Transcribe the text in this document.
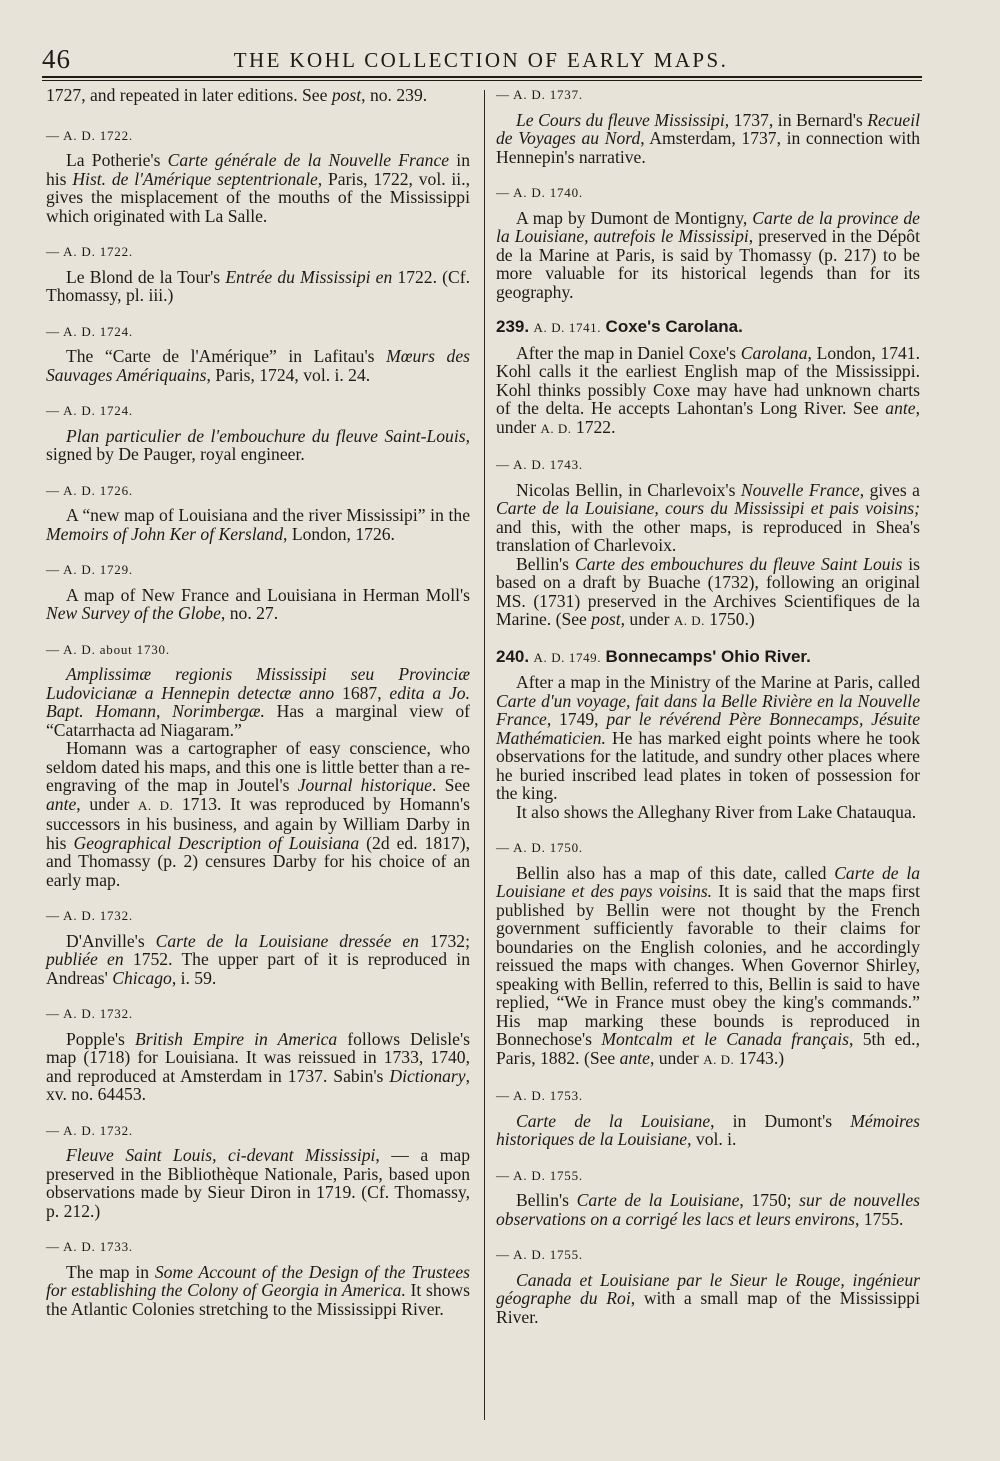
46	THE KOHL COLLECTION OF EARLY MAPS.

1727, and repeated in later editions. See post, no. 239.

— A. D. 1722.

La Potherie's Carte générale de la Nouvelle France in his Hist. de l'Amérique septentrionale, Paris, 1722, vol. ii., gives the misplacement of the mouths of the Mississippi which originated with La Salle.

— A. D. 1722.

Le Blond de la Tour's Entrée du Mississipi en 1722. (Cf. Thomassy, pl. iii.)

— A. D. 1724.

The “Carte de l'Amérique” in Lafitau's Mœurs des Sauvages Amériquains, Paris, 1724, vol. i. 24.

— A. D. 1724.

Plan particulier de l'embouchure du fleuve Saint-Louis, signed by De Pauger, royal engineer.

— A. D. 1726.

A “new map of Louisiana and the river Mississipi” in the Memoirs of John Ker of Kersland, London, 1726.

— A. D. 1729.

A map of New France and Louisiana in Herman Moll's New Survey of the Globe, no. 27.

— A. D. about 1730.

Amplissimæ regionis Mississipi seu Provinciæ Ludovicianæ a Hennepin detectæ anno 1687, edita a Jo. Bapt. Homann, Norimbergæ. Has a marginal view of “Catarrhacta ad Niagaram.”

Homann was a cartographer of easy conscience, who seldom dated his maps, and this one is little better than a re-engraving of the map in Joutel's Journal historique. See ante, under A. D. 1713. It was reproduced by Homann's successors in his business, and again by William Darby in his Geographical Description of Louisiana (2d ed. 1817), and Thomassy (p. 2) censures Darby for his choice of an early map.

— A. D. 1732.

D'Anville's Carte de la Louisiane dressée en 1732; publiée en 1752. The upper part of it is reproduced in Andreas' Chicago, i. 59.

— A. D. 1732.

Popple's British Empire in America follows Delisle's map (1718) for Louisiana. It was reissued in 1733, 1740, and reproduced at Amsterdam in 1737. Sabin's Dictionary, xv. no. 64453.

— A. D. 1732.

Fleuve Saint Louis, ci-devant Mississipi, — a map preserved in the Bibliothèque Nationale, Paris, based upon observations made by Sieur Diron in 1719. (Cf. Thomassy, p. 212.)

— A. D. 1733.

The map in Some Account of the Design of the Trustees for establishing the Colony of Georgia in America. It shows the Atlantic Colonies stretching to the Mississippi River.

— A. D. 1737.

Le Cours du fleuve Mississipi, 1737, in Bernard's Recueil de Voyages au Nord, Amsterdam, 1737, in connection with Hennepin's narrative.

— A. D. 1740.

A map by Dumont de Montigny, Carte de la province de la Louisiane, autrefois le Mississipi, preserved in the Dépôt de la Marine at Paris, is said by Thomassy (p. 217) to be more valuable for its historical legends than for its geography.

239. A. D. 1741. Coxe's Carolana.

After the map in Daniel Coxe's Carolana, London, 1741. Kohl calls it the earliest English map of the Mississippi. Kohl thinks possibly Coxe may have had unknown charts of the delta. He accepts Lahontan's Long River. See ante, under A. D. 1722.

— A. D. 1743.

Nicolas Bellin, in Charlevoix's Nouvelle France, gives a Carte de la Louisiane, cours du Mississipi et pais voisins; and this, with the other maps, is reproduced in Shea's translation of Charlevoix.

Bellin's Carte des embouchures du fleuve Saint Louis is based on a draft by Buache (1732), following an original MS. (1731) preserved in the Archives Scientifiques de la Marine. (See post, under A. D. 1750.)

240. A. D. 1749. Bonnecamps' Ohio River.

After a map in the Ministry of the Marine at Paris, called Carte d'un voyage, fait dans la Belle Rivière en la Nouvelle France, 1749, par le révérend Père Bonnecamps, Jésuite Mathématicien. He has marked eight points where he took observations for the latitude, and sundry other places where he buried inscribed lead plates in token of possession for the king.

It also shows the Alleghany River from Lake Chatauqua.

— A. D. 1750.

Bellin also has a map of this date, called Carte de la Louisiane et des pays voisins. It is said that the maps first published by Bellin were not thought by the French government sufficiently favorable to their claims for boundaries on the English colonies, and he accordingly reissued the maps with changes. When Governor Shirley, speaking with Bellin, referred to this, Bellin is said to have replied, “We in France must obey the king's commands.” His map marking these bounds is reproduced in Bonnechose's Montcalm et le Canada français, 5th ed., Paris, 1882. (See ante, under A. D. 1743.)

— A. D. 1753.

Carte de la Louisiane, in Dumont's Mémoires historiques de la Louisiane, vol. i.

— A. D. 1755.

Bellin's Carte de la Louisiane, 1750; sur de nouvelles observations on a corrigé les lacs et leurs environs, 1755.

— A. D. 1755.

Canada et Louisiane par le Sieur le Rouge, ingénieur géographe du Roi, with a small map of the Mississippi River.
